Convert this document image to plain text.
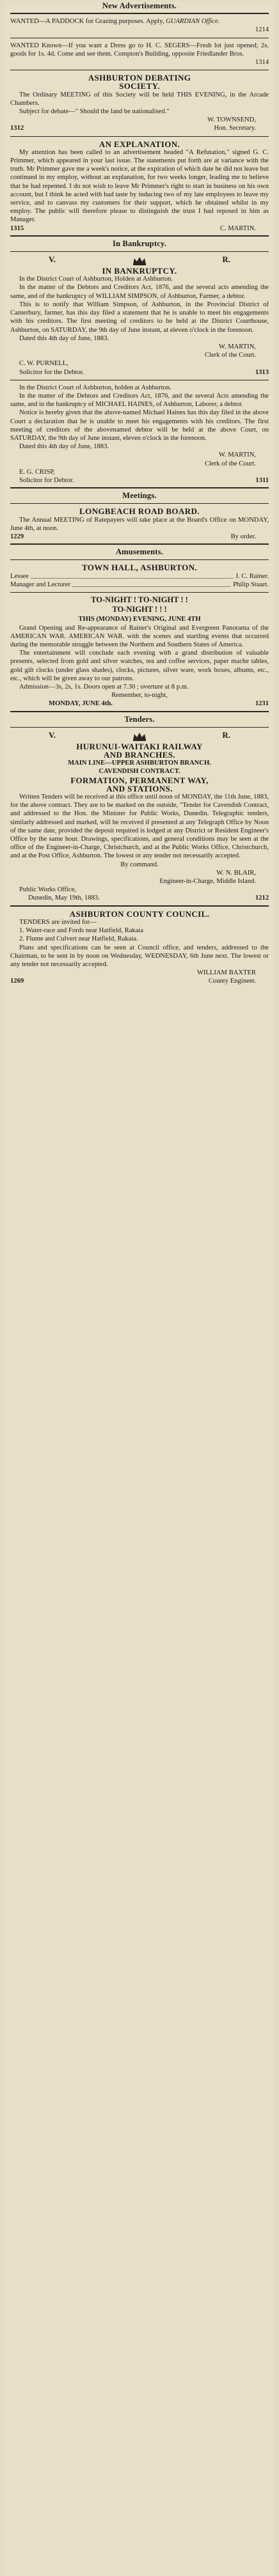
New Advertisements.

WANTED—A PADDOCK for Grazing purposes. Apply, GUARDIAN Office.

1214

WANTED Known—If you want a Dress go to H. C. SEGERS—Fresh lot just opened; 2s. goods for 1s. 4d. Come and see them. Compton's Building, opposite Friedlander Bros.

1314

ASHBURTON DEBATING

SOCIETY.

The Ordinary MEETING of this Society will be held THIS EVENING, in the Arcade Chambers.

Subject for debate—" Should the land be nationalised."

W. TOWNSEND,

1312	Hon. Secretary.

AN EXPLANATION.

My attention has been called to an advertisement headed "A Refutation," signed G. C. Primmer, which appeared in your last issue. The statements put forth are at variance with the truth. Mr Primmer gave me a week's notice, at the expiration of which date he did not leave but continued in my employ, without an explanation, for two weeks longer, leading me to believe that he had repented. I do not wish to leave Mr Primmer's right to start in business on his own account, but I think he acted with bad taste by inducing two of my late employees to leave my service, and to canvass my customers for their support, which he obtained whilst in my employ. The public will therefore please to distinguish the trust I had reposed in him as Manager.

1315	C. MARTIN.
In Bankruptcy.
V.	R.

IN BANKRUPTCY.

In the District Court of Ashburton, Holden at Ashburton.

In the matter of the Debtors and Creditors Act, 1876, and the several acts amending the same, and of the bankruptcy of WILLIAM SIMPSON, of Ashburton, Farmer, a debtor.

This is to notify that William Simpson, of Ashburton, in the Provincial District of Canterbury, farmer, has this day filed a statement that he is unable to meet his engagements with his creditors. The first meeting of creditors to be held at the District Courthouse, Ashburton, on SATURDAY, the 9th day of June instant, at eleven o'clock in the forenoon.

Dated this 4th day of June, 1883.

W. MARTIN,

Clerk of the Court.

C. W. PURNELL,

Solicitor for the Debtor.	1313

In the District Court of Ashburton, holden at Ashburton.

In the matter of the Debtors and Creditors Act, 1876, and the several Acts amending the same, and in the bankruptcy of MICHAEL HAINES, of Ashburton, Laborer, a debtor.

Notice is hereby given that the above-named Michael Haines has this day filed in the above Court a declaration that he is unable to meet his engagements with his creditors. The first meeting of creditors of the abovenamed debtor will be held at the above Court, on SATURDAY, the 9th day of June instant, eleven o'clock in the forenoon.

Dated this 4th day of June, 1883.

W. MARTIN,

Clerk of the Court.

E. G. CRISP,

Solicitor for Debtor.	1311
Meetings.

LONGBEACH ROAD BOARD.

The Annual MEETING of Ratepayers will take place at the Board's Office on MONDAY, June 4th, at noon.

1229	By order.
Amusements.

TOWN HALL, ASHBURTON.

Lessee	J. C. Rainer.
Manager and Lecturer	Philip Stuart.

TO-NIGHT ! TO-NIGHT ! !

TO-NIGHT ! ! !

THIS (MONDAY) EVENING, JUNE 4TH

Grand Opening and Re-appearance of Rainer's Original and Evergreen Panorama of the AMERICAN WAR. AMERICAN WAR. with the scenes and startling events that occurred during the memorable struggle between the Northern and Southern States of America.

The entertainment will conclude each evening with a grand distribution of valuable presents, selected from gold and silver watches, tea and coffee services, paper mache tables, gold gilt clocks (under glass shades), clocks, pictures, silver ware, work boxes, albums, etc., etc., which will be given away to our patrons.

Admission—3s, 2s, 1s. Doors open at 7.30 ; overture at 8 p.m.

Remember, to-night,

MONDAY, JUNE 4th.	1231
Tenders.
V.	R.

HURUNUI-WAITAKI RAILWAY

AND BRANCHES.

MAIN LINE—UPPER ASHBURTON BRANCH.

CAVENDISH CONTRACT.

FORMATION, PERMANENT WAY,

AND STATIONS.

Written Tenders will be received at this office until noon of MONDAY, the 11th June, 1883, for the above contract. They are to be marked on the outside, "Tender for Cavendish Contract, and addressed to the Hon. the Minister for Public Works, Dunedin. Telegraphic tenders, similarly addressed and marked, will be received if presented at any Telegraph Office by Noon of the same date, provided the deposit required is lodged at any District or Resident Engineer's Office by the same hour. Drawings, specifications, and general conditions may be seen at the office of the Engineer-in-Charge, Christchurch, and at the Public Works Office, Christchurch, and at the Post Office, Ashburton. The lowest or any tender not necessarily accepted.

By command.

W. N. BLAIR,

Engineer-in-Charge, Middle Island.

Public Works Office,

Dunedin, May 19th, 1883.	1212

ASHBURTON COUNTY COUNCIL.

TENDERS are invited for—

1. Water-race and Fords near Hatfield, Rakaia

2. Flume and Culvert near Hatfield, Rakaia.

Plans and specifications can be seen at Council office, and tenders, addressed to the Chairman, to be sent in by noon on Wednesday, WEDNESDAY, 6th June next. The lowest or any tender not necessarily accepted.

WILLIAM BAXTER

1269	County Engineer.
